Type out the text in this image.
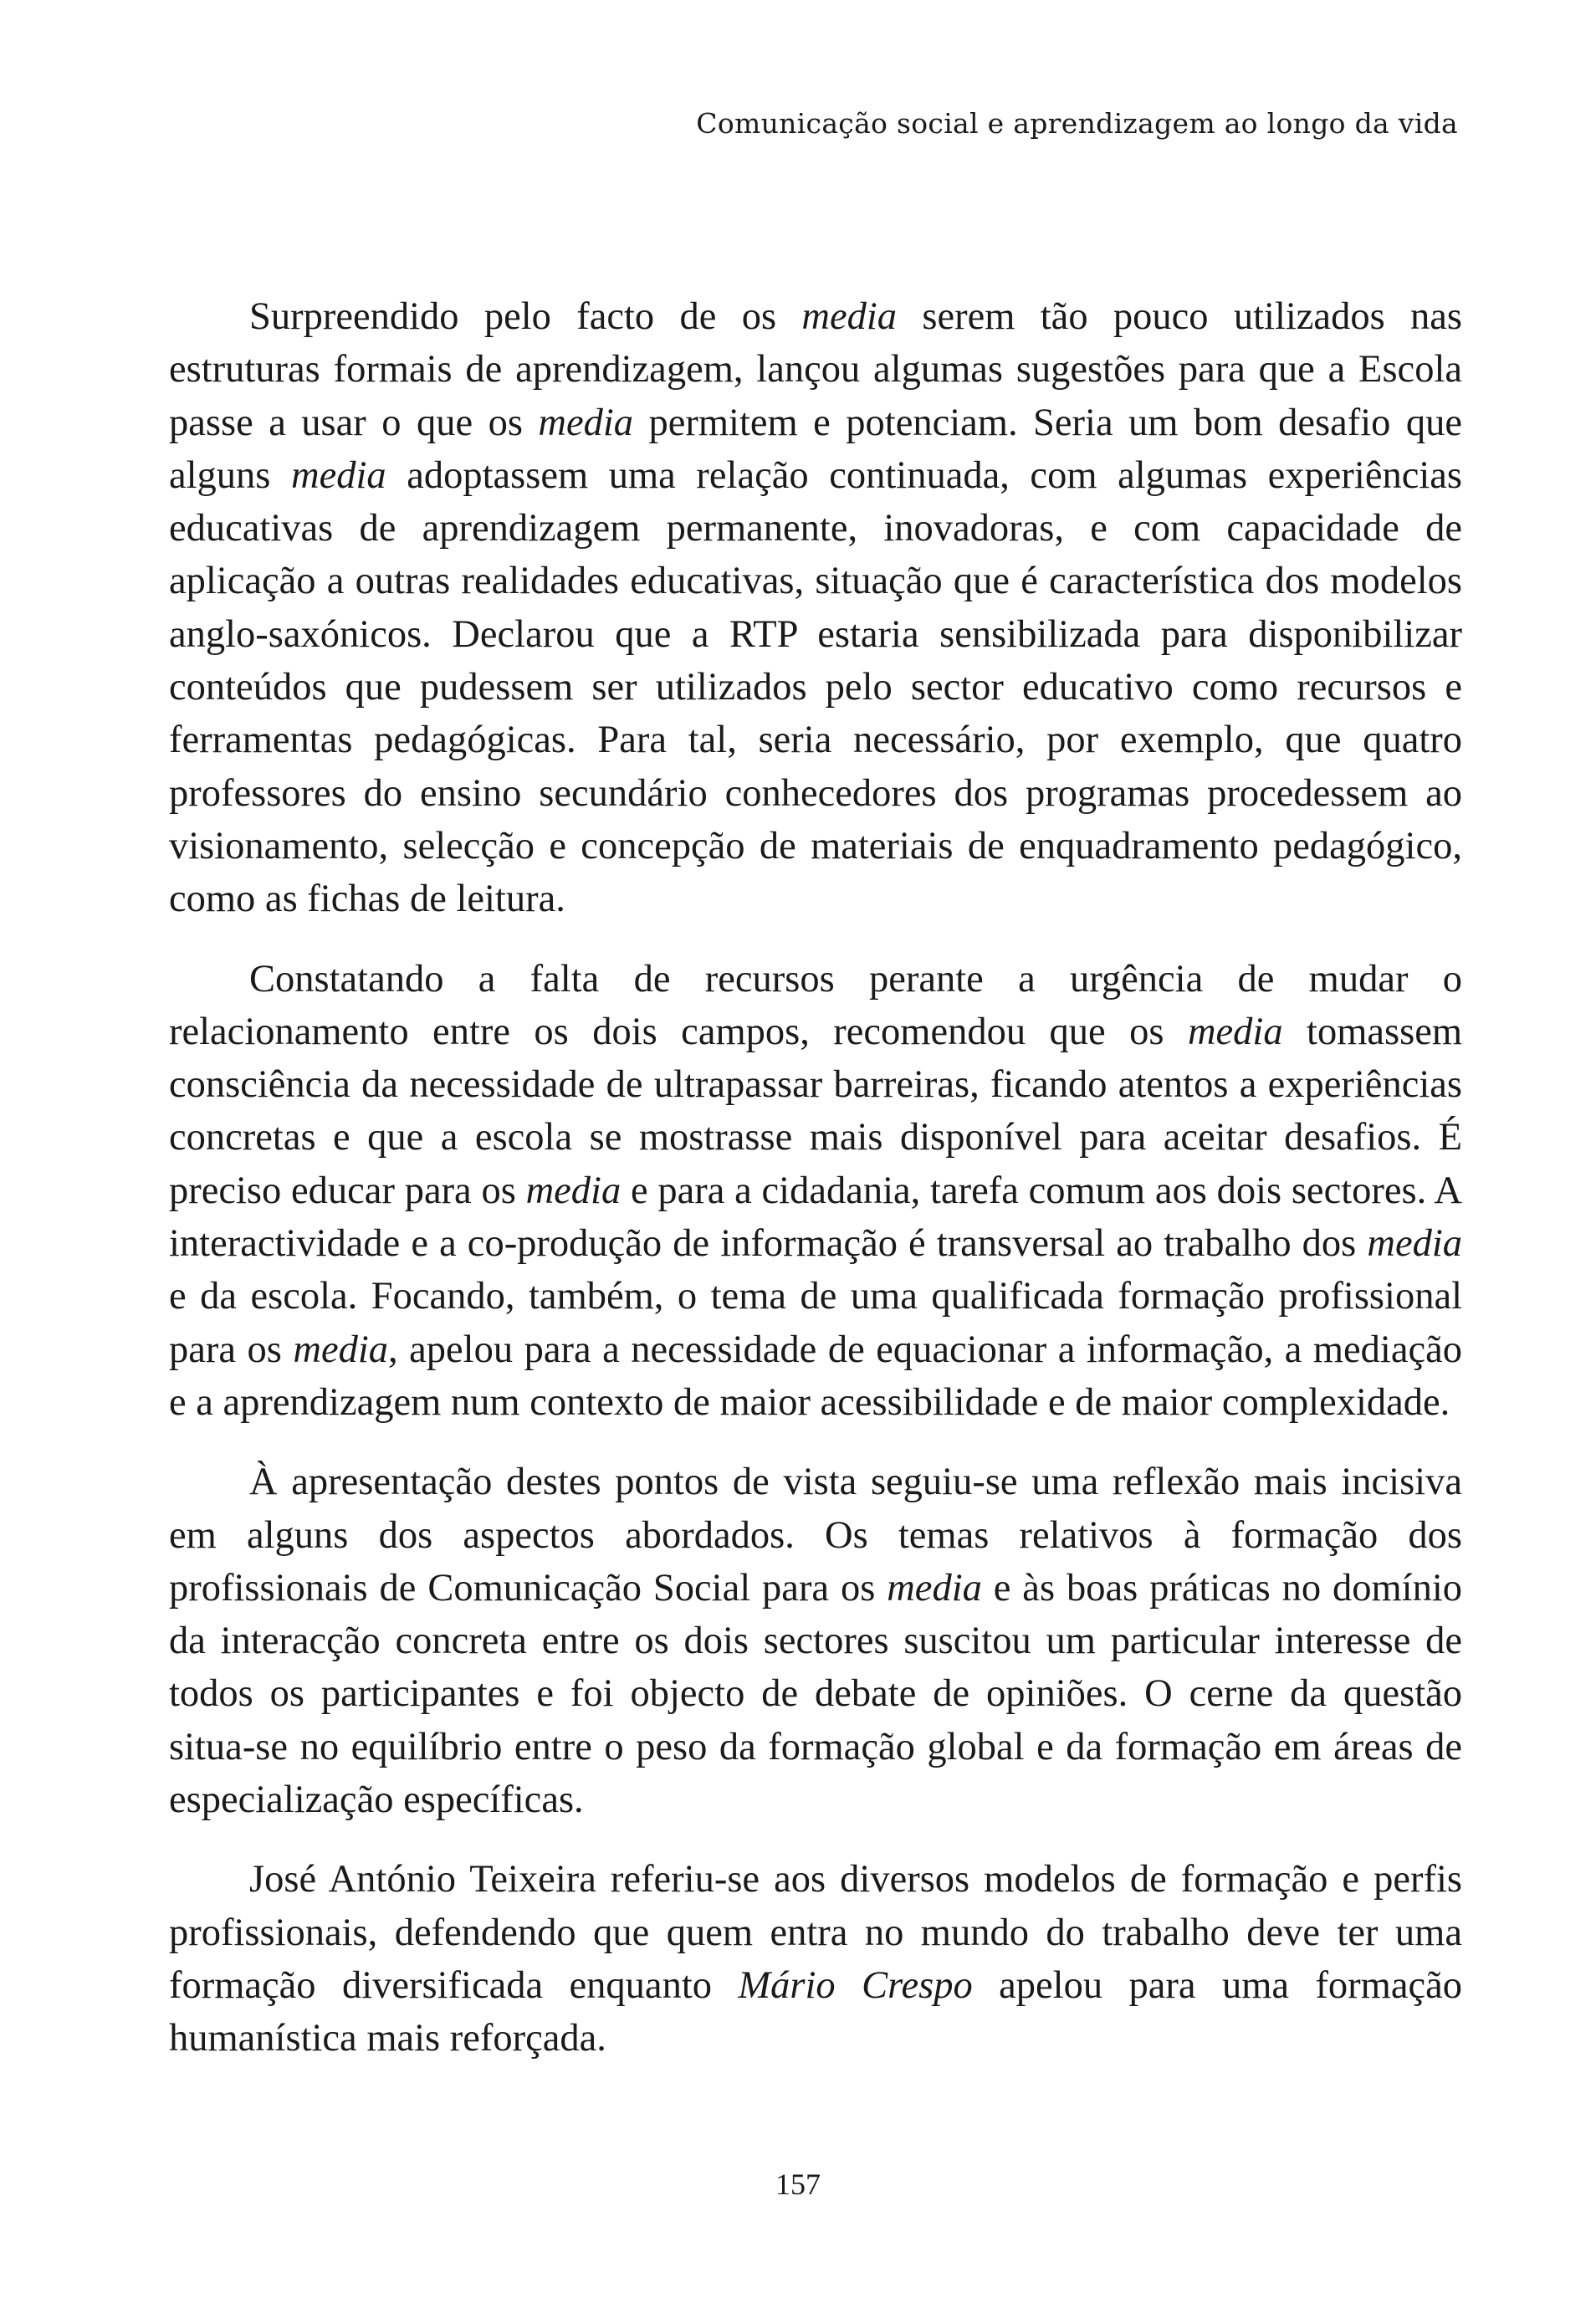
Comunicação social e aprendizagem ao longo da vida

Surpreendido pelo facto de os media serem tão pouco utilizados nas estruturas formais de aprendizagem, lançou algumas sugestões para que a Escola passe a usar o que os media permitem e potenciam. Seria um bom desafio que alguns media adoptassem uma relação continuada, com algumas experiências educativas de aprendizagem permanente, inovadoras, e com capacidade de aplicação a outras realidades educativas, situação que é característica dos modelos anglo-saxónicos. Declarou que a RTP estaria sensibilizada para disponibilizar conteúdos que pudessem ser utilizados pelo sector educativo como recursos e ferramentas pedagógicas. Para tal, seria necessário, por exemplo, que quatro professores do ensino secundário conhecedores dos programas procedessem ao visionamento, selecção e concepção de materiais de enquadramento pedagógico, como as fichas de leitura.

Constatando a falta de recursos perante a urgência de mudar o relacionamento entre os dois campos, recomendou que os media tomassem consciência da necessidade de ultrapassar barreiras, ficando atentos a experiências concretas e que a escola se mostrasse mais disponível para aceitar desafios. É preciso educar para os media e para a cidadania, tarefa comum aos dois sectores. A interactividade e a co-produção de informação é transversal ao trabalho dos media e da escola. Focando, também, o tema de uma qualificada formação profissional para os media, apelou para a necessidade de equacionar a informação, a mediação e a aprendizagem num contexto de maior acessibilidade e de maior complexidade.

À apresentação destes pontos de vista seguiu-se uma reflexão mais incisiva em alguns dos aspectos abordados. Os temas relativos à formação dos profissionais de Comunicação Social para os media e às boas práticas no domínio da interacção concreta entre os dois sectores suscitou um particular interesse de todos os participantes e foi objecto de debate de opiniões. O cerne da questão situa-se no equilíbrio entre o peso da formação global e da formação em áreas de especialização específicas.

José António Teixeira referiu-se aos diversos modelos de formação e perfis profissionais, defendendo que quem entra no mundo do trabalho deve ter uma formação diversificada enquanto Mário Crespo apelou para uma formação humanística mais reforçada.

157
